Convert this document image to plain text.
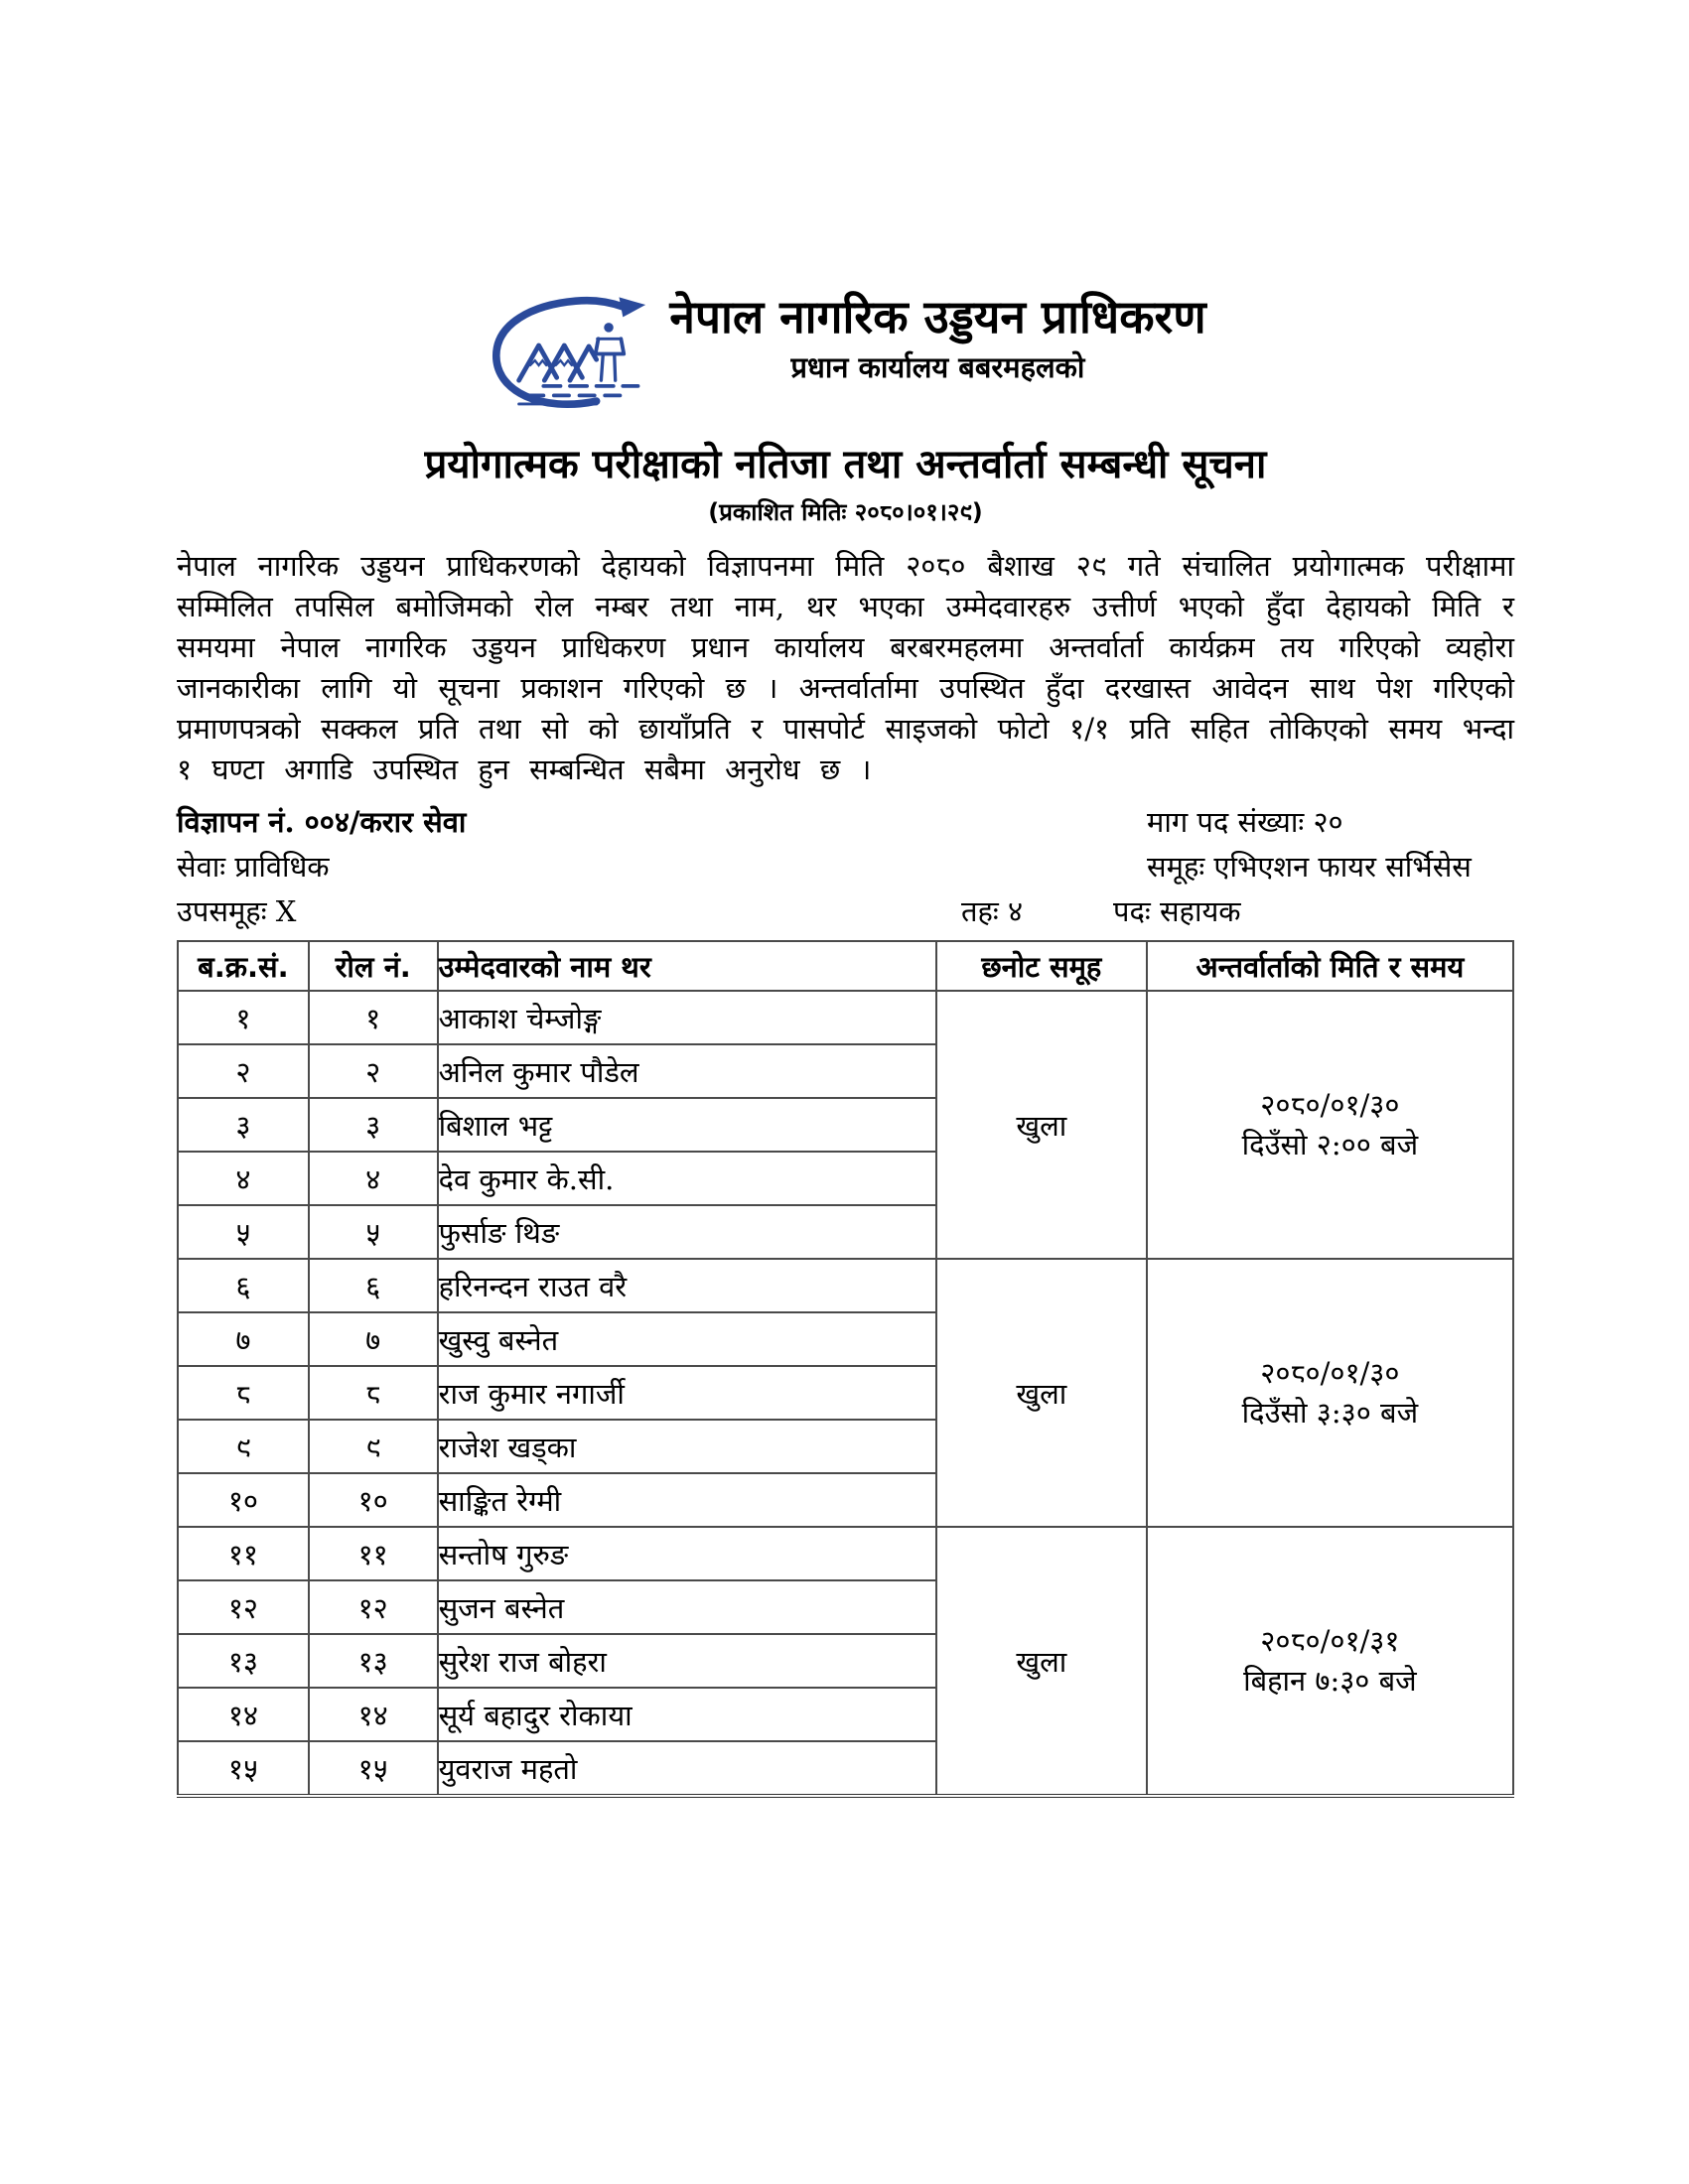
नेपाल नागरिक उड्डयन प्राधिकरण
प्रधान कार्यालय बबरमहलको
प्रयोगात्मक परीक्षाको नतिजा तथा अन्तर्वार्ता सम्बन्धी सूचना
(प्रकाशित मितिः २०८०।०१।२९)
नेपाल नागरिक उड्डयन प्राधिकरणको देहायको विज्ञापनमा मिति २०८० बैशाख २९ गते संचालित प्रयोगात्मक परीक्षामा सम्मिलित तपसिल बमोजिमको रोल नम्बर तथा नाम, थर भएका उम्मेदवारहरु उत्तीर्ण भएको हुँदा देहायको मिति र समयमा नेपाल नागरिक उड्डयन प्राधिकरण प्रधान कार्यालय बरबरमहलमा अन्तर्वार्ता कार्यक्रम तय गरिएको व्यहोरा जानकारीका लागि यो सूचना प्रकाशन गरिएको छ । अन्तर्वार्तामा उपस्थित हुँदा दरखास्त आवेदन साथ पेश गरिएको प्रमाणपत्रको सक्कल प्रति तथा सो को छायाँप्रति र पासपोर्ट साइजको फोटो १/१ प्रति सहित तोकिएको समय भन्दा १ घण्टा अगाडि उपस्थित हुन सम्बन्धित सबैमा अनुरोध छ ।
विज्ञापन नं. ००४/करार सेवा	माग पद संख्याः २०
सेवाः प्राविधिक	समूहः एभिएशन फायर सर्भिसेस
उपसमूहः X	तहः ४	पदः सहायक
ब.क्र.सं.	रोल नं.	उम्मेदवारको नाम थर	छनोट समूह	अन्तर्वार्ताको मिति र समय
१	१	आकाश चेम्जोङ्ग	खुला	२०८०/०१/३०
दिउँसो २:०० बजे

२	२	अनिल कुमार पौडेल		
३	३	बिशाल भट्ट		
४	४	देव कुमार के.सी.		
५	५	फुर्साङ थिङ		
६	६	हरिनन्दन राउत वरै	खुला	२०८०/०१/३०
दिउँसो ३:३० बजे

७	७	खुस्वु बस्नेत		
८	८	राज कुमार नगार्जी		
९	९	राजेश खड्का		
१०	१०	साङ्कित रेग्मी		
११	११	सन्तोष गुरुङ	खुला	२०८०/०१/३१
बिहान ७:३० बजे

१२	१२	सुजन बस्नेत		
१३	१३	सुरेश राज बोहरा		
१४	१४	सूर्य बहादुर रोकाया		
१५	१५	युवराज महतो		
